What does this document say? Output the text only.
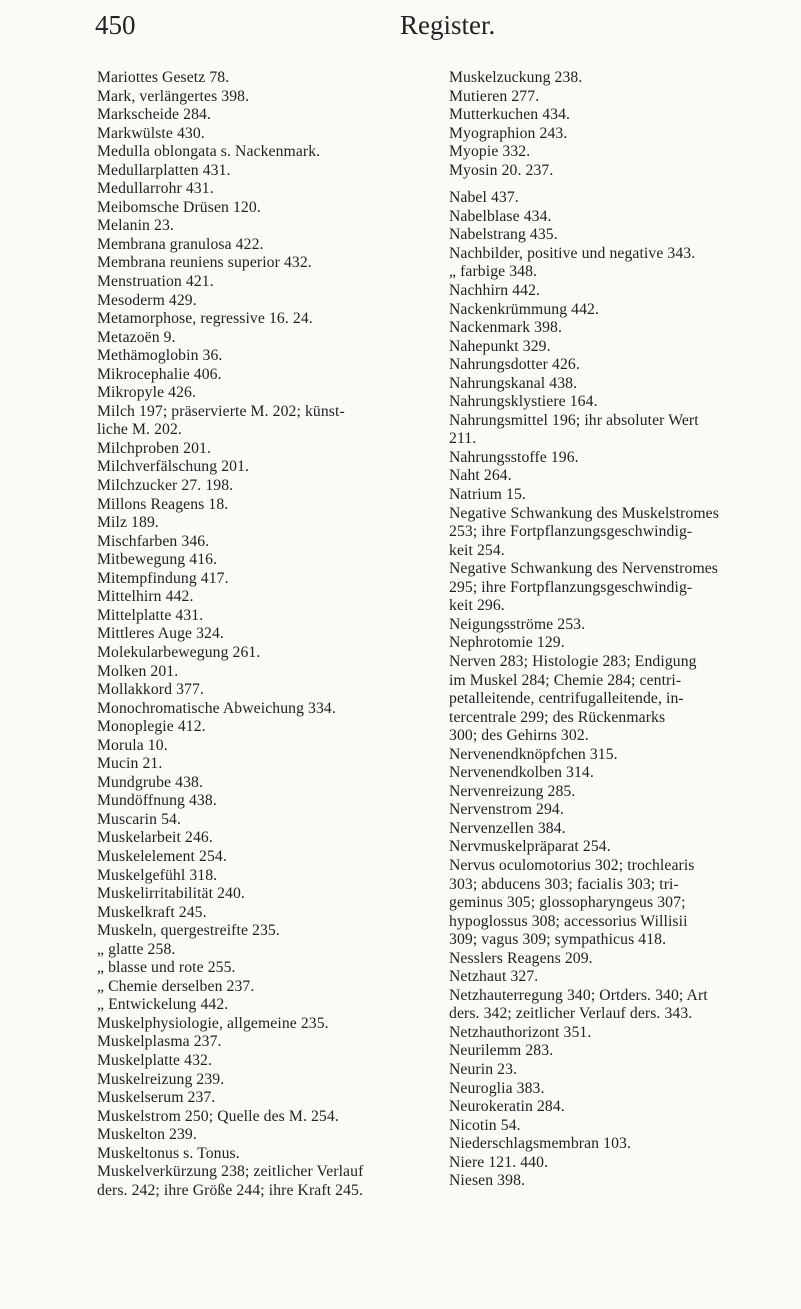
450	Register.
Mariottes Gesetz 78.
Mark, verlängertes 398.
Markscheide 284.
Markwülste 430.
Medulla oblongata s. Nackenmark.
Medullarplatten 431.
Medullarrohr 431.
Meibomsche Drüsen 120.
Melanin 23.
Membrana granulosa 422.
Membrana reuniens superior 432.
Menstruation 421.
Mesoderm 429.
Metamorphose, regressive 16. 24.
Metazoën 9.
Methämoglobin 36.
Mikrocephalie 406.
Mikropyle 426.
Milch 197; präservierte M. 202; künst-
liche M. 202.
Milchproben 201.
Milchverfälschung 201.
Milchzucker 27. 198.
Millons Reagens 18.
Milz 189.
Mischfarben 346.
Mitbewegung 416.
Mitempfindung 417.
Mittelhirn 442.
Mittelplatte 431.
Mittleres Auge 324.
Molekularbewegung 261.
Molken 201.
Mollakkord 377.
Monochromatische Abweichung 334.
Monoplegie 412.
Morula 10.
Mucin 21.
Mundgrube 438.
Mundöffnung 438.
Muscarin 54.
Muskelarbeit 246.
Muskelelement 254.
Muskelgefühl 318.
Muskelirritabilität 240.
Muskelkraft 245.
Muskeln, quergestreifte 235.
„ glatte 258.
„ blasse und rote 255.
„ Chemie derselben 237.
„ Entwickelung 442.
Muskelphysiologie, allgemeine 235.
Muskelplasma 237.
Muskelplatte 432.
Muskelreizung 239.
Muskelserum 237.
Muskelstrom 250; Quelle des M. 254.
Muskelton 239.
Muskeltonus s. Tonus.
Muskelverkürzung 238; zeitlicher Verlauf
ders. 242; ihre Größe 244; ihre Kraft 245.
Muskelzuckung 238.
Mutieren 277.
Mutterkuchen 434.
Myographion 243.
Myopie 332.
Myosin 20. 237.
Nabel 437.
Nabelblase 434.
Nabelstrang 435.
Nachbilder, positive und negative 343.
„ farbige 348.
Nachhirn 442.
Nackenkrümmung 442.
Nackenmark 398.
Nahepunkt 329.
Nahrungsdotter 426.
Nahrungskanal 438.
Nahrungsklystiere 164.
Nahrungsmittel 196; ihr absoluter Wert
211.
Nahrungsstoffe 196.
Naht 264.
Natrium 15.
Negative Schwankung des Muskelstromes
253; ihre Fortpflanzungsgeschwindig-
keit 254.
Negative Schwankung des Nervenstromes
295; ihre Fortpflanzungsgeschwindig-
keit 296.
Neigungsströme 253.
Nephrotomie 129.
Nerven 283; Histologie 283; Endigung
im Muskel 284; Chemie 284; centri-
petalleitende, centrifugalleitende, in-
tercentrale 299; des Rückenmarks
300; des Gehirns 302.
Nervenendknöpfchen 315.
Nervenendkolben 314.
Nervenreizung 285.
Nervenstrom 294.
Nervenzellen 384.
Nervmuskelpräparat 254.
Nervus oculomotorius 302; trochlearis
303; abducens 303; facialis 303; tri-
geminus 305; glossopharyngeus 307;
hypoglossus 308; accessorius Willisii
309; vagus 309; sympathicus 418.
Nesslers Reagens 209.
Netzhaut 327.
Netzhauterregung 340; Ortders. 340; Art
ders. 342; zeitlicher Verlauf ders. 343.
Netzhauthorizont 351.
Neurilemm 283.
Neurin 23.
Neuroglia 383.
Neurokeratin 284.
Nicotin 54.
Niederschlagsmembran 103.
Niere 121. 440.
Niesen 398.
